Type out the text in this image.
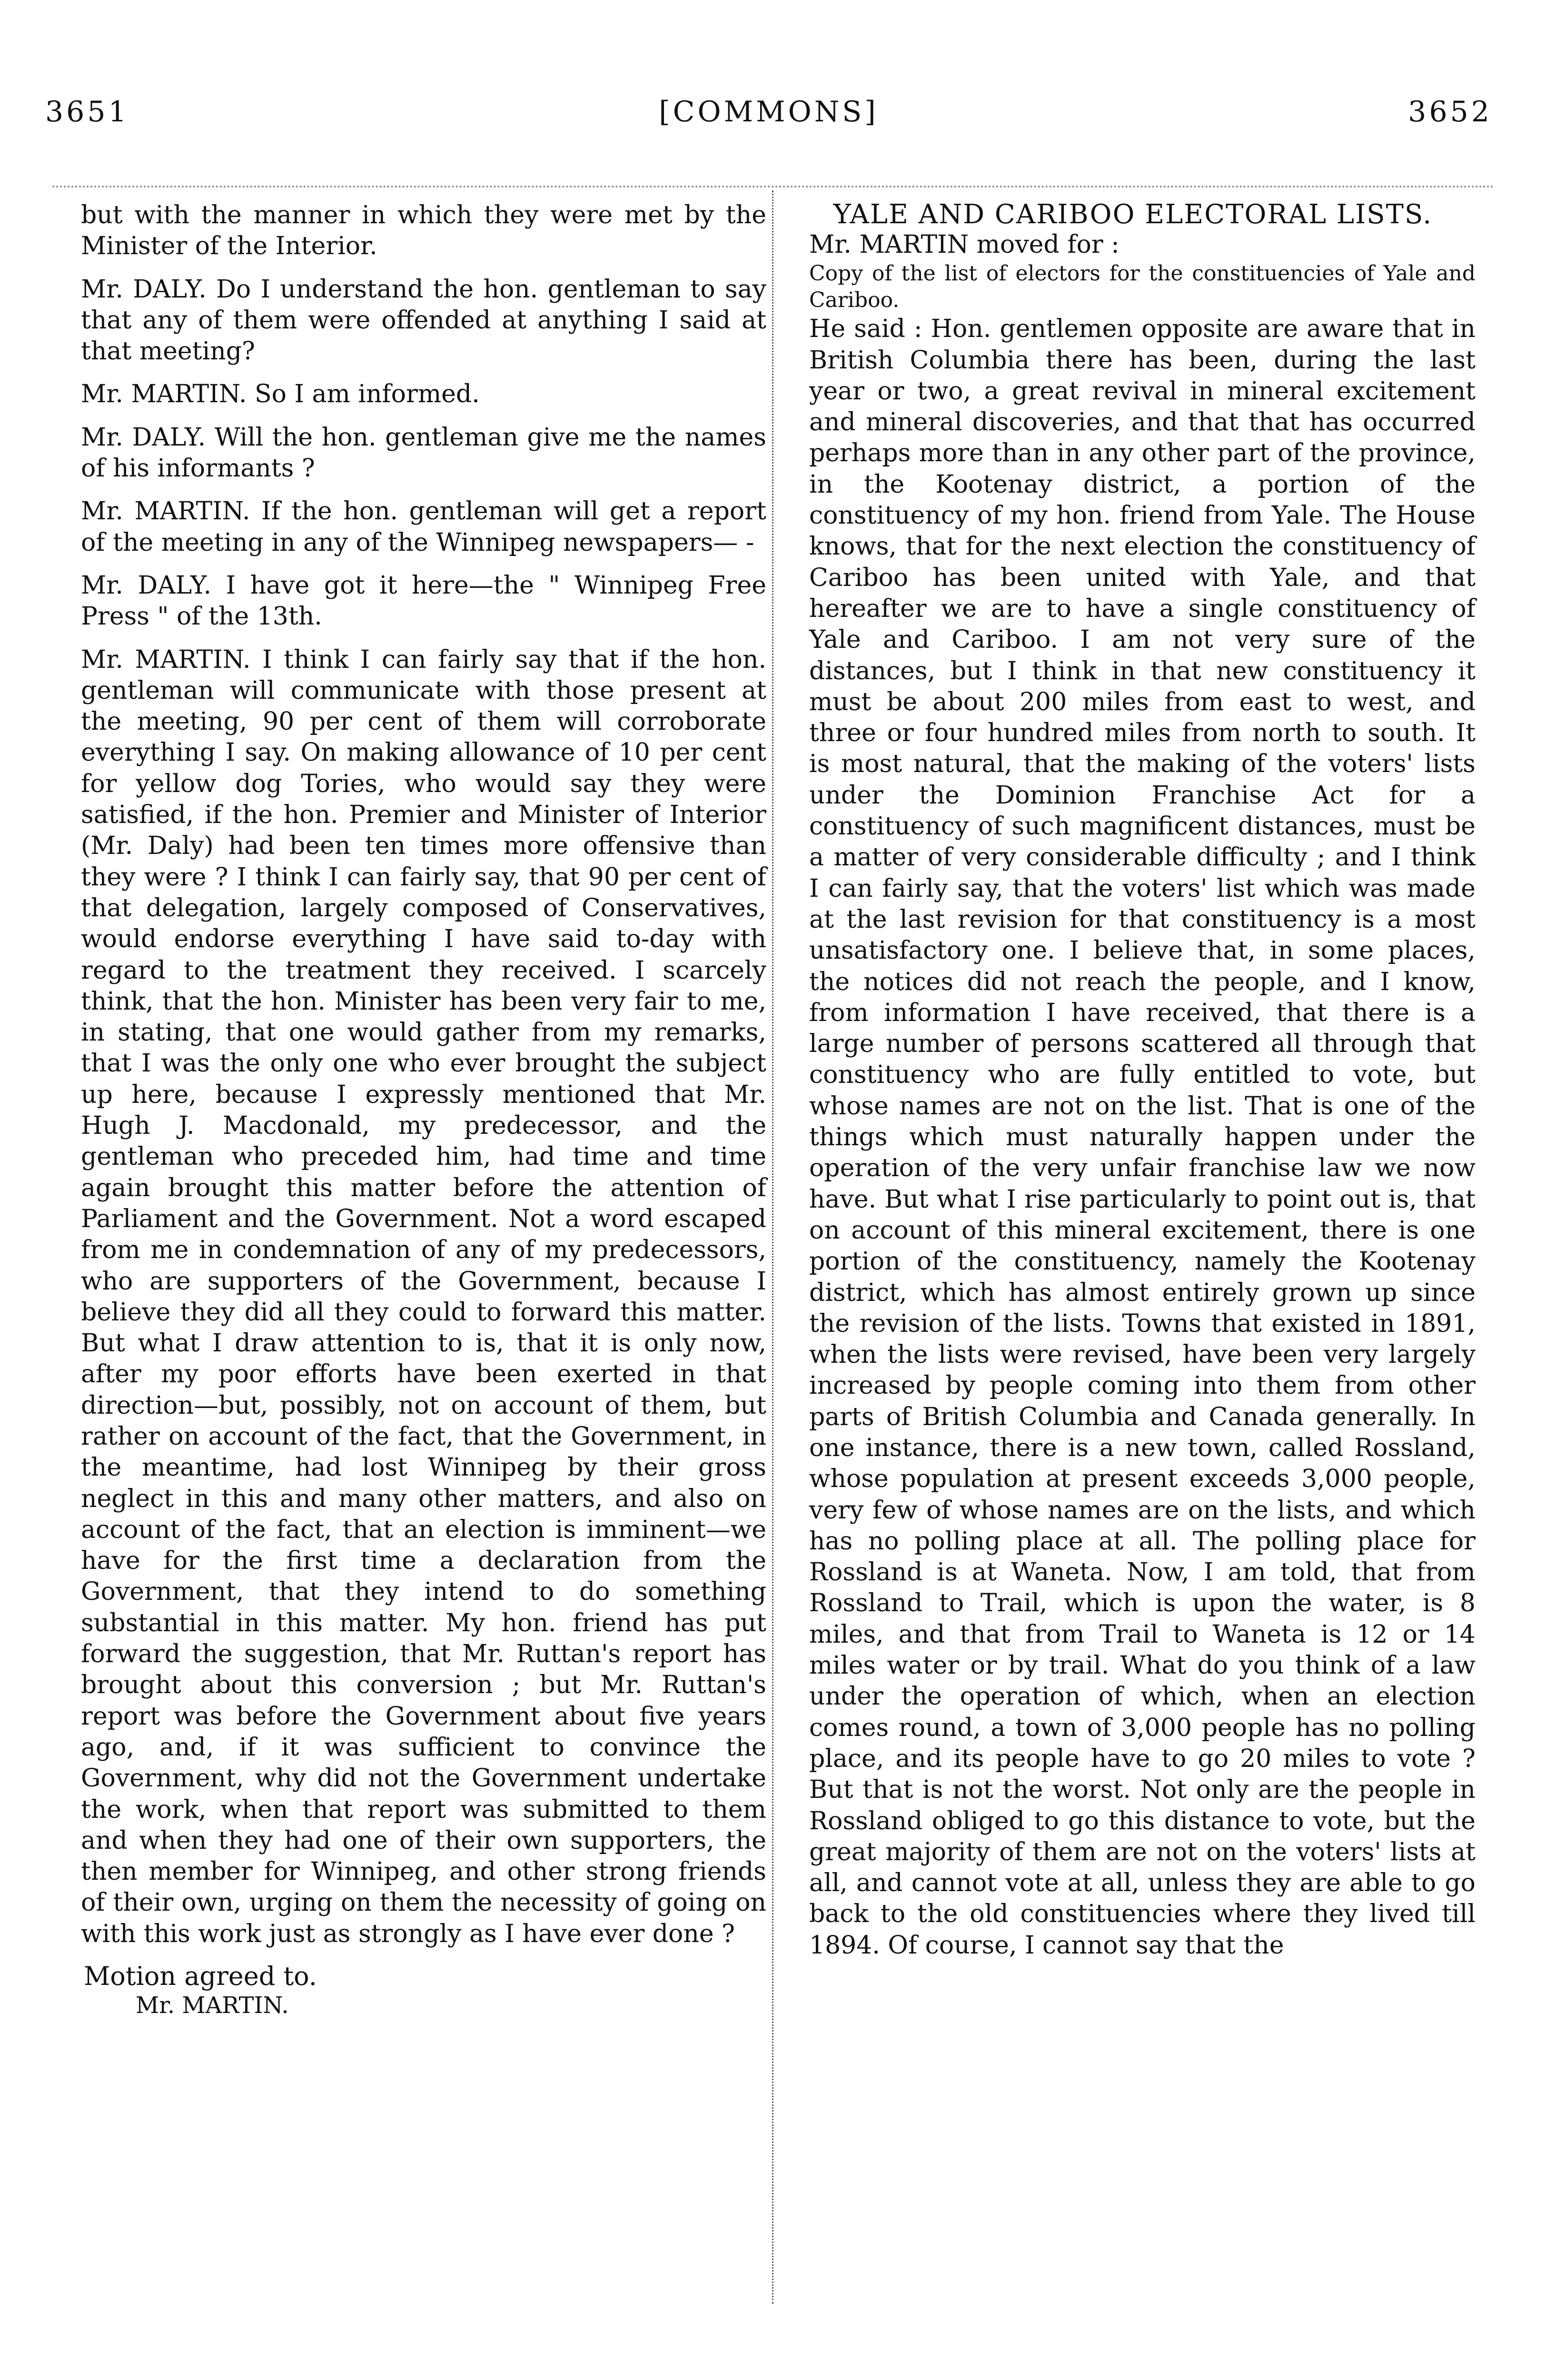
3651	[COMMONS]	3652

but with the manner in which they were met by the Minister of the Interior.

Mr. DALY. Do I understand the hon. gentleman to say that any of them were offended at anything I said at that meeting?

Mr. MARTIN. So I am informed.

Mr. DALY. Will the hon. gentleman give me the names of his informants ?

Mr. MARTIN. If the hon. gentleman will get a report of the meeting in any of the Winnipeg newspapers— -

Mr. DALY. I have got it here—the " Winnipeg Free Press " of the 13th.

Mr. MARTIN. I think I can fairly say that if the hon. gentleman will communicate with those present at the meeting, 90 per cent of them will corroborate everything I say. On making allowance of 10 per cent for yellow dog Tories, who would say they were satisfied, if the hon. Premier and Minister of Interior (Mr. Daly) had been ten times more offensive than they were ? I think I can fairly say, that 90 per cent of that delegation, largely composed of Conservatives, would endorse everything I have said to-day with regard to the treatment they received. I scarcely think, that the hon. Minister has been very fair to me, in stating, that one would gather from my remarks, that I was the only one who ever brought the subject up here, because I expressly mentioned that Mr. Hugh J. Macdonald, my predecessor, and the gentleman who preceded him, had time and time again brought this matter before the attention of Parliament and the Government. Not a word escaped from me in condemnation of any of my predecessors, who are supporters of the Government, because I believe they did all they could to forward this matter. But what I draw attention to is, that it is only now, after my poor efforts have been exerted in that direction—but, possibly, not on account of them, but rather on account of the fact, that the Government, in the meantime, had lost Winnipeg by their gross neglect in this and many other matters, and also on account of the fact, that an election is imminent—we have for the first time a declaration from the Government, that they intend to do something substantial in this matter. My hon. friend has put forward the suggestion, that Mr. Ruttan's report has brought about this conversion ; but Mr. Ruttan's report was before the Government about five years ago, and, if it was sufficient to convince the Government, why did not the Government undertake the work, when that report was submitted to them and when they had one of their own supporters, the then member for Winnipeg, and other strong friends of their own, urging on them the necessity of going on with this work just as strongly as I have ever done ?

Motion agreed to.

Mr. MARTIN.

YALE AND CARIBOO ELECTORAL LISTS.

Mr. MARTIN moved for :

Copy of the list of electors for the constituencies of Yale and Cariboo.

He said : Hon. gentlemen opposite are aware that in British Columbia there has been, during the last year or two, a great revival in mineral excitement and mineral discoveries, and that that has occurred perhaps more than in any other part of the province, in the Kootenay district, a portion of the constituency of my hon. friend from Yale. The House knows, that for the next election the constituency of Cariboo has been united with Yale, and that hereafter we are to have a single constituency of Yale and Cariboo. I am not very sure of the distances, but I think in that new constituency it must be about 200 miles from east to west, and three or four hundred miles from north to south. It is most natural, that the making of the voters' lists under the Dominion Franchise Act for a constituency of such magnificent distances, must be a matter of very considerable difficulty ; and I think I can fairly say, that the voters' list which was made at the last revision for that constituency is a most unsatisfactory one. I believe that, in some places, the notices did not reach the people, and I know, from information I have received, that there is a large number of persons scattered all through that constituency who are fully entitled to vote, but whose names are not on the list. That is one of the things which must naturally happen under the operation of the very unfair franchise law we now have. But what I rise particularly to point out is, that on account of this mineral excitement, there is one portion of the constituency, namely the Kootenay district, which has almost entirely grown up since the revision of the lists. Towns that existed in 1891, when the lists were revised, have been very largely increased by people coming into them from other parts of British Columbia and Canada generally. In one instance, there is a new town, called Rossland, whose population at present exceeds 3,000 people, very few of whose names are on the lists, and which has no polling place at all. The polling place for Rossland is at Waneta. Now, I am told, that from Rossland to Trail, which is upon the water, is 8 miles, and that from Trail to Waneta is 12 or 14 miles water or by trail. What do you think of a law under the operation of which, when an election comes round, a town of 3,000 people has no polling place, and its people have to go 20 miles to vote ? But that is not the worst. Not only are the people in Rossland obliged to go this distance to vote, but the great majority of them are not on the voters' lists at all, and cannot vote at all, unless they are able to go back to the old constituencies where they lived till 1894. Of course, I cannot say that the
